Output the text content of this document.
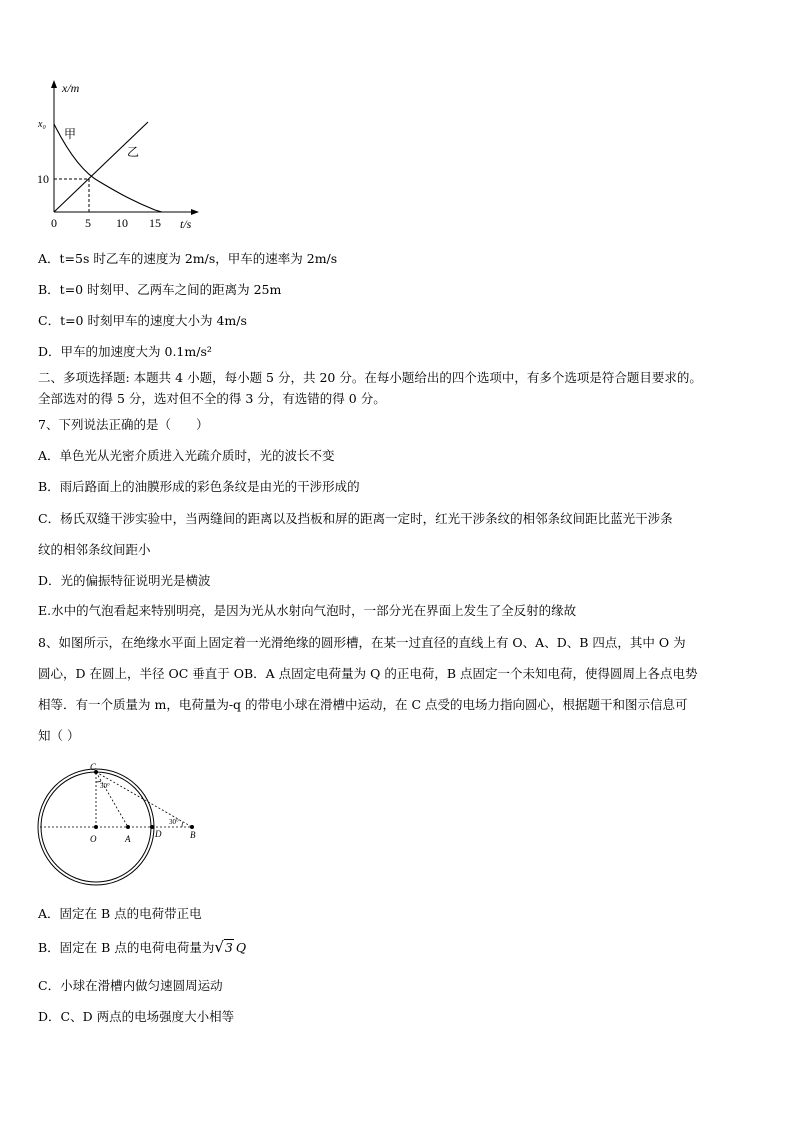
x/m
x₀
甲
乙
10
0 5 10 15 t/s
A．t=5s 时乙车的速度为 2m/s，甲车的速率为 2m/s
B．t=0 时刻甲、乙两车之间的距离为 25m
C．t=0 时刻甲车的速度大小为 4m/s
D．甲车的加速度大为 0.1m/s²
二、多项选择题: 本题共 4 小题，每小题 5 分，共 20 分。在每小题给出的四个选项中，有多个选项是符合题目要求的。
全部选对的得 5 分，选对但不全的得 3 分，有选错的得 0 分。
7、下列说法正确的是（　　）
A．单色光从光密介质进入光疏介质时，光的波长不变
B．雨后路面上的油膜形成的彩色条纹是由光的干涉形成的
C．杨氏双缝干涉实验中，当两缝间的距离以及挡板和屏的距离一定时，红光干涉条纹的相邻条纹间距比蓝光干涉条
纹的相邻条纹间距小
D．光的偏振特征说明光是横波
E.水中的气泡看起来特别明亮，是因为光从水射向气泡时，一部分光在界面上发生了全反射的缘故
8、如图所示，在绝缘水平面上固定着一光滑绝缘的圆形槽，在某一过直径的直线上有 O、A、D、B 四点，其中 O 为
圆心，D 在圆上，半径 OC 垂直于 OB．A 点固定电荷量为 Q 的正电荷，B 点固定一个未知电荷，使得圆周上各点电势
相等．有一个质量为 m，电荷量为-q 的带电小球在滑槽中运动，在 C 点受的电场力指向圆心，根据题干和图示信息可
知（ ）
C
30°
30°
O	A	D	B
A．固定在 B 点的电荷带正电
B．固定在 B 点的电荷电荷量为√3 Q
C．小球在滑槽内做匀速圆周运动
D．C、D 两点的电场强度大小相等
